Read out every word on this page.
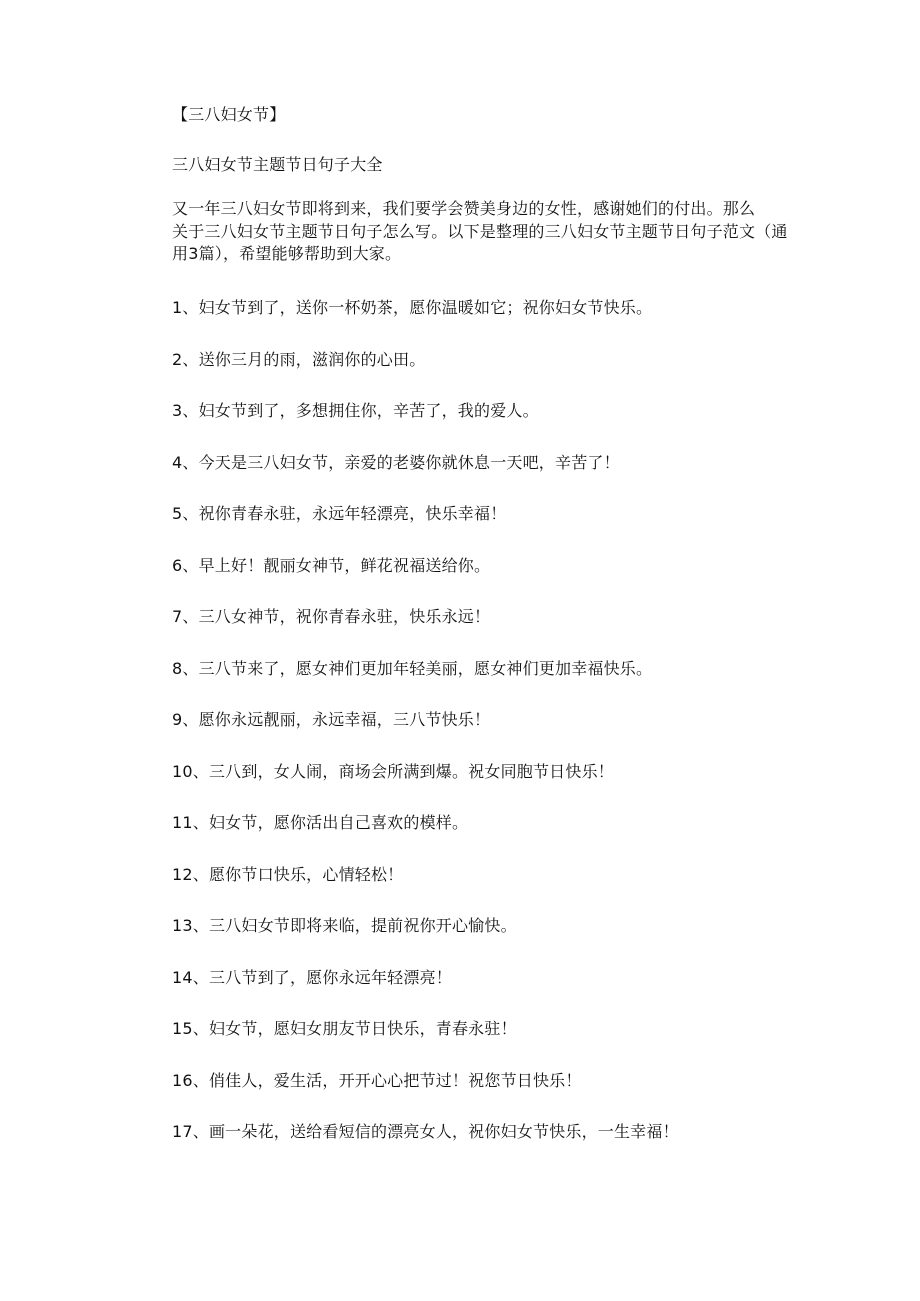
【三八妇女节】
三八妇女节主题节日句子大全
又一年三八妇女节即将到来，我们要学会赞美身边的女性，感谢她们的付出。那么
关于三八妇女节主题节日句子怎么写。以下是整理的三八妇女节主题节日句子范文（通
用3篇），希望能够帮助到大家。
1、妇女节到了，送你一杯奶茶，愿你温暖如它；祝你妇女节快乐。
2、送你三月的雨，滋润你的心田。
3、妇女节到了，多想拥住你，辛苦了，我的爱人。
4、今天是三八妇女节，亲爱的老婆你就休息一天吧，辛苦了！
5、祝你青春永驻，永远年轻漂亮，快乐幸福！
6、早上好！靓丽女神节，鲜花祝福送给你。
7、三八女神节，祝你青春永驻，快乐永远！
8、三八节来了，愿女神们更加年轻美丽，愿女神们更加幸福快乐。
9、愿你永远靓丽，永远幸福，三八节快乐！
10、三八到，女人闹，商场会所满到爆。祝女同胞节日快乐！
11、妇女节，愿你活出自己喜欢的模样。
12、愿你节口快乐，心情轻松！
13、三八妇女节即将来临，提前祝你开心愉快。
14、三八节到了，愿你永远年轻漂亮！
15、妇女节，愿妇女朋友节日快乐，青春永驻！
16、俏佳人，爱生活，开开心心把节过！祝您节日快乐！
17、画一朵花，送给看短信的漂亮女人，祝你妇女节快乐，一生幸福！
